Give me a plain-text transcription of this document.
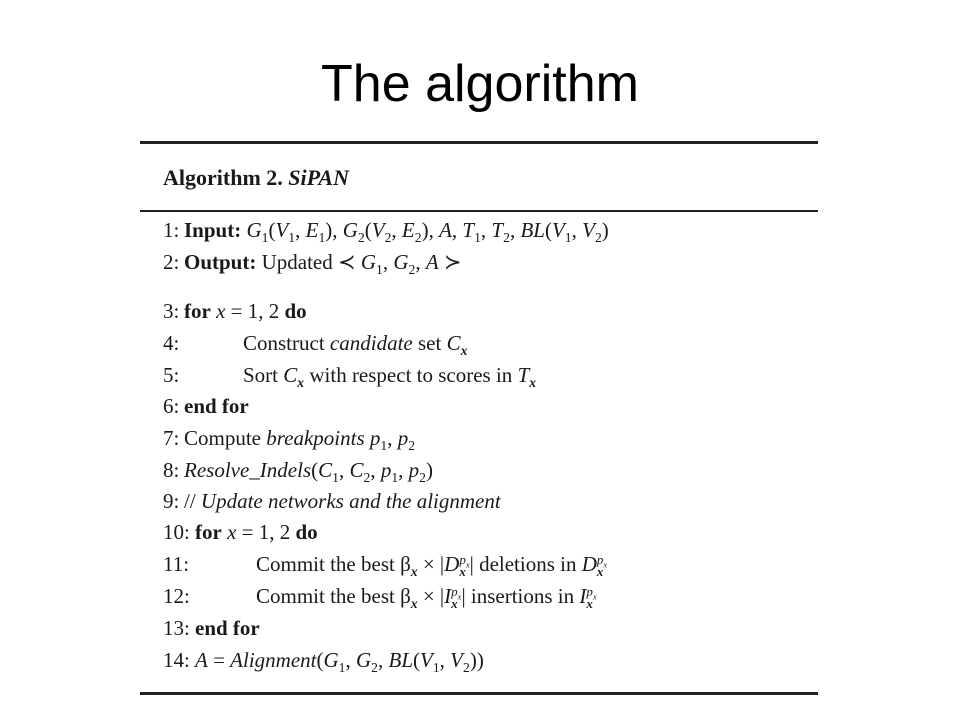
The algorithm
Algorithm 2. SiPAN
1: Input: $G_1(V_1$, $E_1$), $G_2(V_2$, $E_2$), A, $T_1$, $T_2$, $BL(V_1$, $V_2$)
2: Output: Updated ≺ $G_1$, $G_2$, A ≻
3: for x = 1, 2 do
4:	Construct candidate set $C_x$
5:	Sort $C_x$ with respect to scores in $T_x$
6: end for
7: Compute breakpoints $p_1$, $p_2$
8: $Resolve\_Indels(C_1$, $C_2$, $p_1$, $p_2$)
9: // Update networks and the alignment
10: for x = 1, 2 do
11:	Commit the best $\beta_x \times |D$ $p_x$
x | deletions in D $p_x$
x
12:	Commit the best $\beta_x \times |I$ $p_x$
x | insertions in I $p_x$
x
13: end for
14: $A = Alignment(G_1$, $G_2$, $BL(V_1$, $V_2$))
